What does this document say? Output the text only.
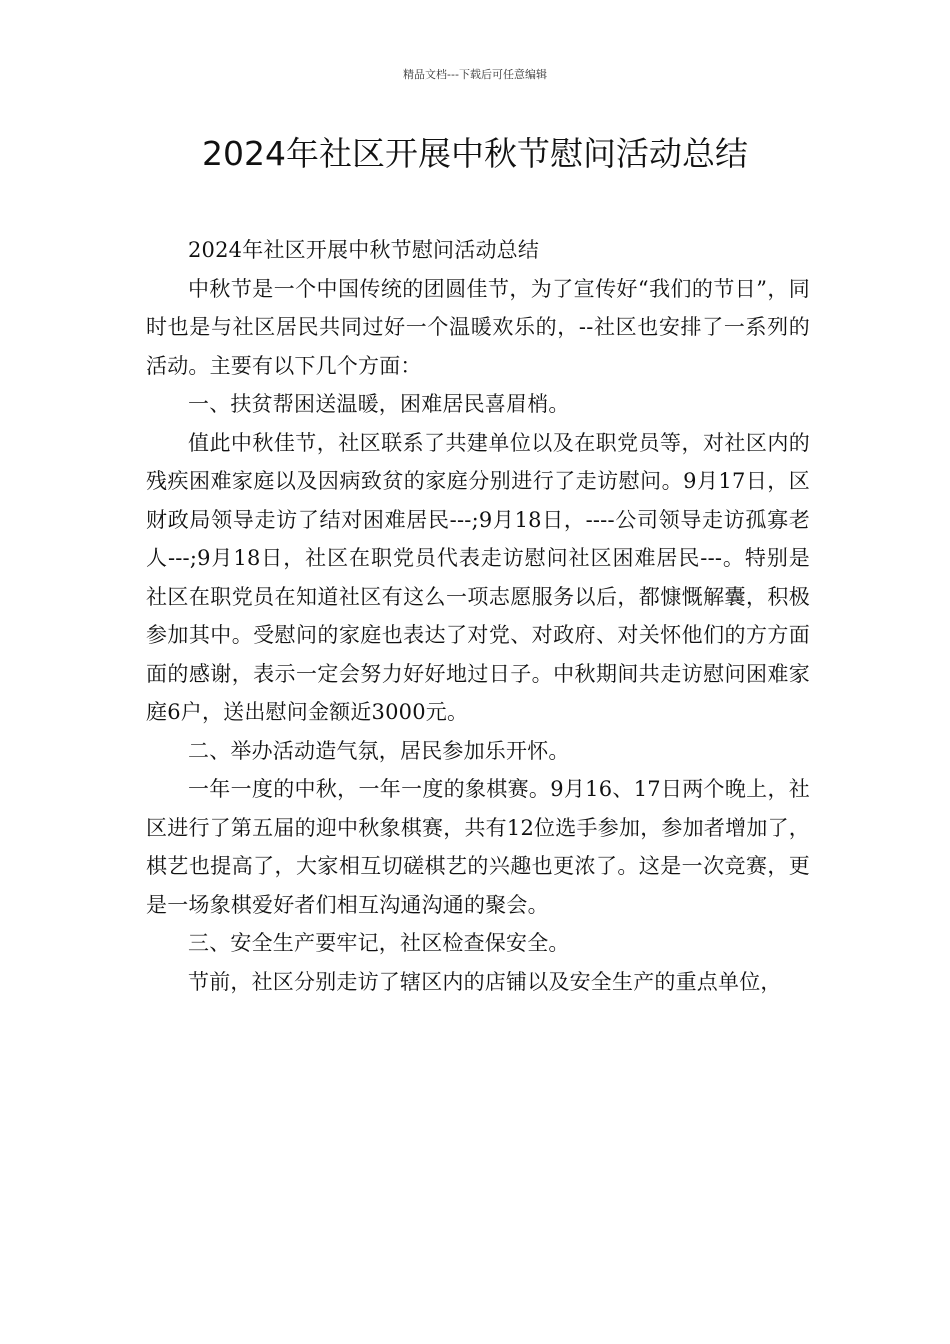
精品文档---下载后可任意编辑
2024年社区开展中秋节慰问活动总结

2024年社区开展中秋节慰问活动总结

中秋节是一个中国传统的团圆佳节，为了宣传好“我们的节日”，同时也是与社区居民共同过好一个温暖欢乐的，--社区也安排了一系列的活动。主要有以下几个方面：

一、扶贫帮困送温暖，困难居民喜眉梢。

值此中秋佳节，社区联系了共建单位以及在职党员等，对社区内的残疾困难家庭以及因病致贫的家庭分别进行了走访慰问。9月17日，区财政局领导走访了结对困难居民---;9月18日，----公司领导走访孤寡老人---;9月18日，社区在职党员代表走访慰问社区困难居民---。特别是社区在职党员在知道社区有这么一项志愿服务以后，都慷慨解囊，积极参加其中。受慰问的家庭也表达了对党、对政府、对关怀他们的方方面面的感谢，表示一定会努力好好地过日子。中秋期间共走访慰问困难家庭6户，送出慰问金额近3000元。

二、举办活动造气氛，居民参加乐开怀。

一年一度的中秋，一年一度的象棋赛。9月16、17日两个晚上，社区进行了第五届的迎中秋象棋赛，共有12位选手参加，参加者增加了，棋艺也提高了，大家相互切磋棋艺的兴趣也更浓了。这是一次竞赛，更是一场象棋爱好者们相互沟通沟通的聚会。

三、安全生产要牢记，社区检查保安全。

节前，社区分别走访了辖区内的店铺以及安全生产的重点单位，
